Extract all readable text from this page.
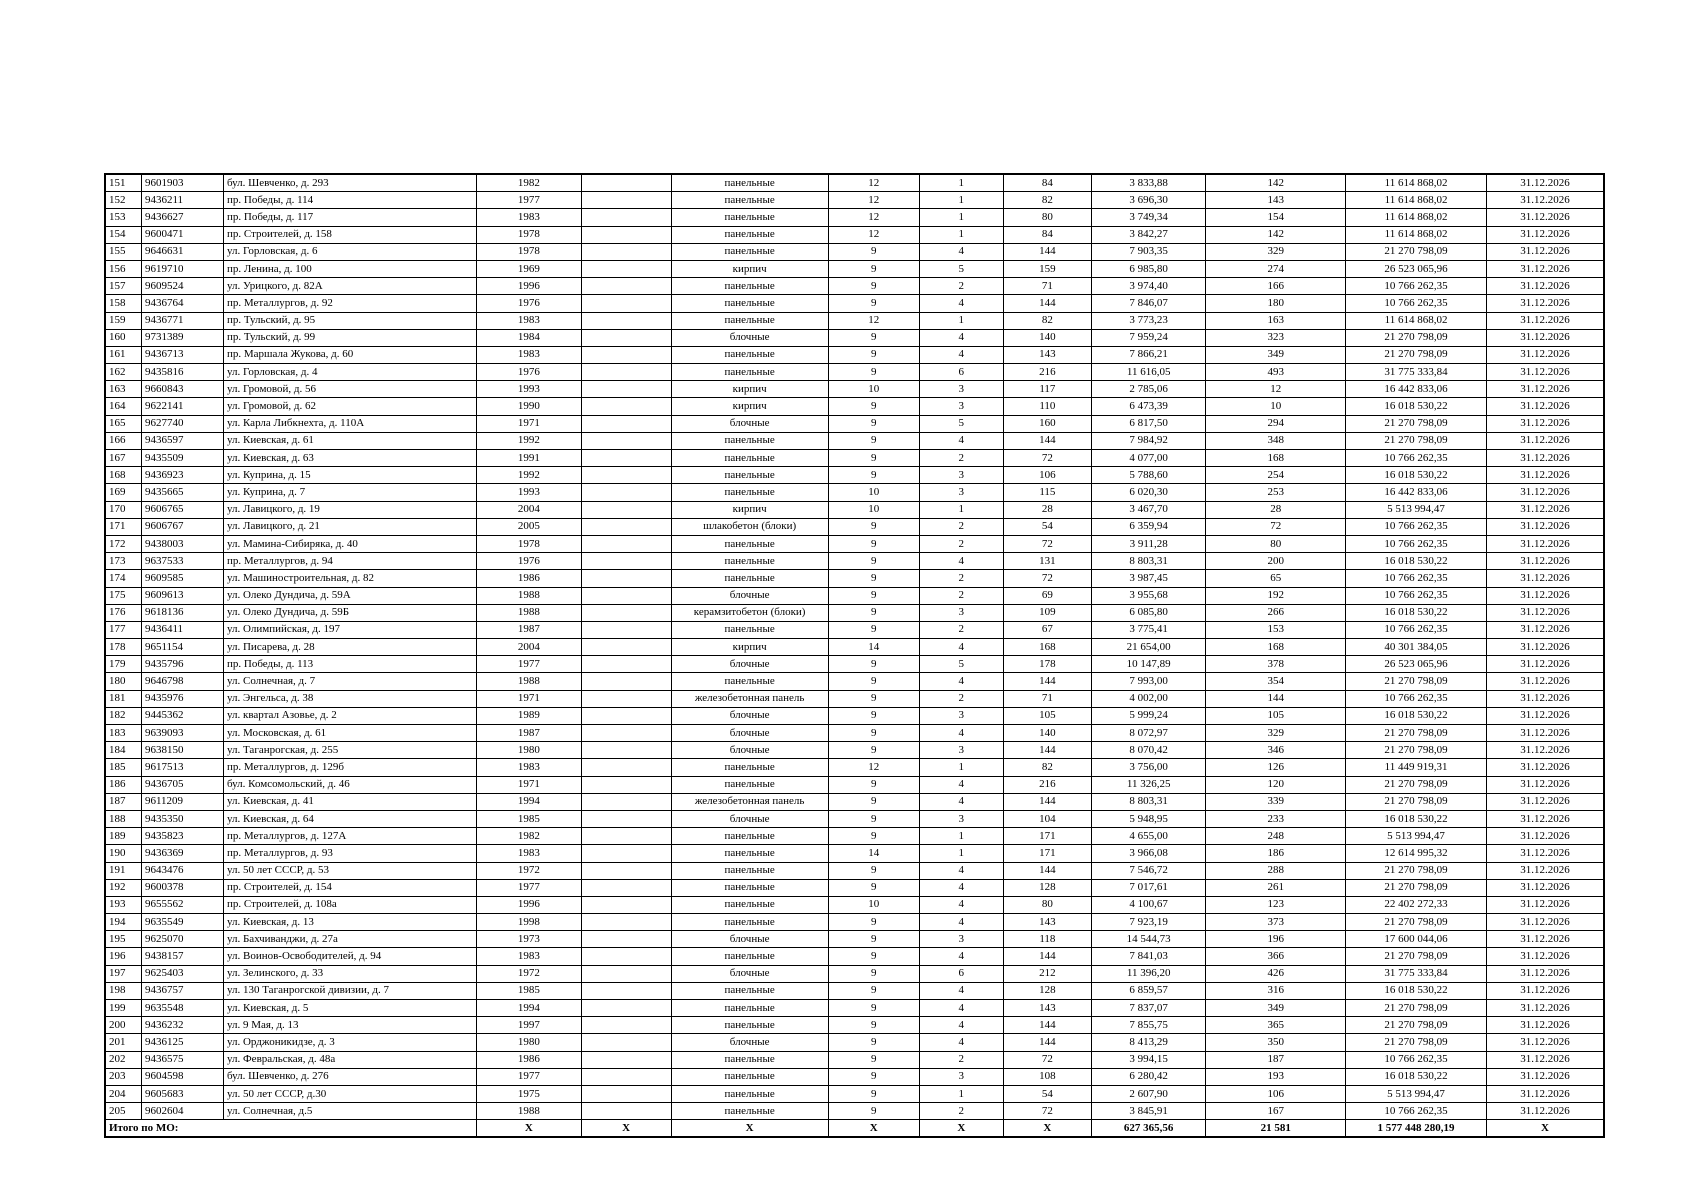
151	9601903	бул. Шевченко, д. 293	1982		панельные	12	1	84	3 833,88	142	11 614 868,02	31.12.2026
152	9436211	пр. Победы, д. 114	1977		панельные	12	1	82	3 696,30	143	11 614 868,02	31.12.2026
153	9436627	пр. Победы, д. 117	1983		панельные	12	1	80	3 749,34	154	11 614 868,02	31.12.2026
154	9600471	пр. Строителей, д. 158	1978		панельные	12	1	84	3 842,27	142	11 614 868,02	31.12.2026
155	9646631	ул. Горловская, д. 6	1978		панельные	9	4	144	7 903,35	329	21 270 798,09	31.12.2026
156	9619710	пр. Ленина, д. 100	1969		кирпич	9	5	159	6 985,80	274	26 523 065,96	31.12.2026
157	9609524	ул. Урицкого, д. 82А	1996		панельные	9	2	71	3 974,40	166	10 766 262,35	31.12.2026
158	9436764	пр. Металлургов, д. 92	1976		панельные	9	4	144	7 846,07	180	10 766 262,35	31.12.2026
159	9436771	пр. Тульский, д. 95	1983		панельные	12	1	82	3 773,23	163	11 614 868,02	31.12.2026
160	9731389	пр. Тульский, д. 99	1984		блочные	9	4	140	7 959,24	323	21 270 798,09	31.12.2026
161	9436713	пр. Маршала Жукова, д. 60	1983		панельные	9	4	143	7 866,21	349	21 270 798,09	31.12.2026
162	9435816	ул. Горловская, д. 4	1976		панельные	9	6	216	11 616,05	493	31 775 333,84	31.12.2026
163	9660843	ул. Громовой, д. 56	1993		кирпич	10	3	117	2 785,06	12	16 442 833,06	31.12.2026
164	9622141	ул. Громовой, д. 62	1990		кирпич	9	3	110	6 473,39	10	16 018 530,22	31.12.2026
165	9627740	ул. Карла Либкнехта, д. 110А	1971		блочные	9	5	160	6 817,50	294	21 270 798,09	31.12.2026
166	9436597	ул. Киевская, д. 61	1992		панельные	9	4	144	7 984,92	348	21 270 798,09	31.12.2026
167	9435509	ул. Киевская, д. 63	1991		панельные	9	2	72	4 077,00	168	10 766 262,35	31.12.2026
168	9436923	ул. Куприна, д. 15	1992		панельные	9	3	106	5 788,60	254	16 018 530,22	31.12.2026
169	9435665	ул. Куприна, д. 7	1993		панельные	10	3	115	6 020,30	253	16 442 833,06	31.12.2026
170	9606765	ул. Лавицкого, д. 19	2004		кирпич	10	1	28	3 467,70	28	5 513 994,47	31.12.2026
171	9606767	ул. Лавицкого, д. 21	2005		шлакобетон (блоки)	9	2	54	6 359,94	72	10 766 262,35	31.12.2026
172	9438003	ул. Мамина-Сибиряка, д. 40	1978		панельные	9	2	72	3 911,28	80	10 766 262,35	31.12.2026
173	9637533	пр. Металлургов, д. 94	1976		панельные	9	4	131	8 803,31	200	16 018 530,22	31.12.2026
174	9609585	ул. Машиностроительная, д. 82	1986		панельные	9	2	72	3 987,45	65	10 766 262,35	31.12.2026
175	9609613	ул. Олеко Дундича, д. 59А	1988		блочные	9	2	69	3 955,68	192	10 766 262,35	31.12.2026
176	9618136	ул. Олеко Дундича, д. 59Б	1988		керамзитобетон (блоки)	9	3	109	6 085,80	266	16 018 530,22	31.12.2026
177	9436411	ул. Олимпийская, д. 197	1987		панельные	9	2	67	3 775,41	153	10 766 262,35	31.12.2026
178	9651154	ул. Писарева, д. 28	2004		кирпич	14	4	168	21 654,00	168	40 301 384,05	31.12.2026
179	9435796	пр. Победы, д. 113	1977		блочные	9	5	178	10 147,89	378	26 523 065,96	31.12.2026
180	9646798	ул. Солнечная, д. 7	1988		панельные	9	4	144	7 993,00	354	21 270 798,09	31.12.2026
181	9435976	ул. Энгельса, д. 38	1971		железобетонная панель	9	2	71	4 002,00	144	10 766 262,35	31.12.2026
182	9445362	ул. квартал Азовье, д. 2	1989		блочные	9	3	105	5 999,24	105	16 018 530,22	31.12.2026
183	9639093	ул. Московская, д. 61	1987		блочные	9	4	140	8 072,97	329	21 270 798,09	31.12.2026
184	9638150	ул. Таганрогская, д. 255	1980		блочные	9	3	144	8 070,42	346	21 270 798,09	31.12.2026
185	9617513	пр. Металлургов, д. 129б	1983		панельные	12	1	82	3 756,00	126	11 449 919,31	31.12.2026
186	9436705	бул. Комсомольский, д. 46	1971		панельные	9	4	216	11 326,25	120	21 270 798,09	31.12.2026
187	9611209	ул. Киевская, д. 41	1994		железобетонная панель	9	4	144	8 803,31	339	21 270 798,09	31.12.2026
188	9435350	ул. Киевская, д. 64	1985		блочные	9	3	104	5 948,95	233	16 018 530,22	31.12.2026
189	9435823	пр. Металлургов, д. 127А	1982		панельные	9	1	171	4 655,00	248	5 513 994,47	31.12.2026
190	9436369	пр. Металлургов, д. 93	1983		панельные	14	1	171	3 966,08	186	12 614 995,32	31.12.2026
191	9643476	ул. 50 лет СССР, д. 53	1972		панельные	9	4	144	7 546,72	288	21 270 798,09	31.12.2026
192	9600378	пр. Строителей, д. 154	1977		панельные	9	4	128	7 017,61	261	21 270 798,09	31.12.2026
193	9655562	пр. Строителей, д. 108а	1996		панельные	10	4	80	4 100,67	123	22 402 272,33	31.12.2026
194	9635549	ул. Киевская, д. 13	1998		панельные	9	4	143	7 923,19	373	21 270 798,09	31.12.2026
195	9625070	ул. Бахчиванджи, д. 27а	1973		блочные	9	3	118	14 544,73	196	17 600 044,06	31.12.2026
196	9438157	ул. Воинов-Освободителей, д. 94	1983		панельные	9	4	144	7 841,03	366	21 270 798,09	31.12.2026
197	9625403	ул. Зелинского, д. 33	1972		блочные	9	6	212	11 396,20	426	31 775 333,84	31.12.2026
198	9436757	ул. 130 Таганрогской дивизии, д. 7	1985		панельные	9	4	128	6 859,57	316	16 018 530,22	31.12.2026
199	9635548	ул. Киевская, д. 5	1994		панельные	9	4	143	7 837,07	349	21 270 798,09	31.12.2026
200	9436232	ул. 9 Мая, д. 13	1997		панельные	9	4	144	7 855,75	365	21 270 798,09	31.12.2026
201	9436125	ул. Орджоникидзе, д. 3	1980		блочные	9	4	144	8 413,29	350	21 270 798,09	31.12.2026
202	9436575	ул. Февральская, д. 48а	1986		панельные	9	2	72	3 994,15	187	10 766 262,35	31.12.2026
203	9604598	бул. Шевченко, д. 276	1977		панельные	9	3	108	6 280,42	193	16 018 530,22	31.12.2026
204	9605683	ул. 50 лет СССР, д.30	1975		панельные	9	1	54	2 607,90	106	5 513 994,47	31.12.2026
205	9602604	ул. Солнечная, д.5	1988		панельные	9	2	72	3 845,91	167	10 766 262,35	31.12.2026
Итого по МО:			X	X	X	X	X	X	627 365,56	21 581	1 577 448 280,19	X
